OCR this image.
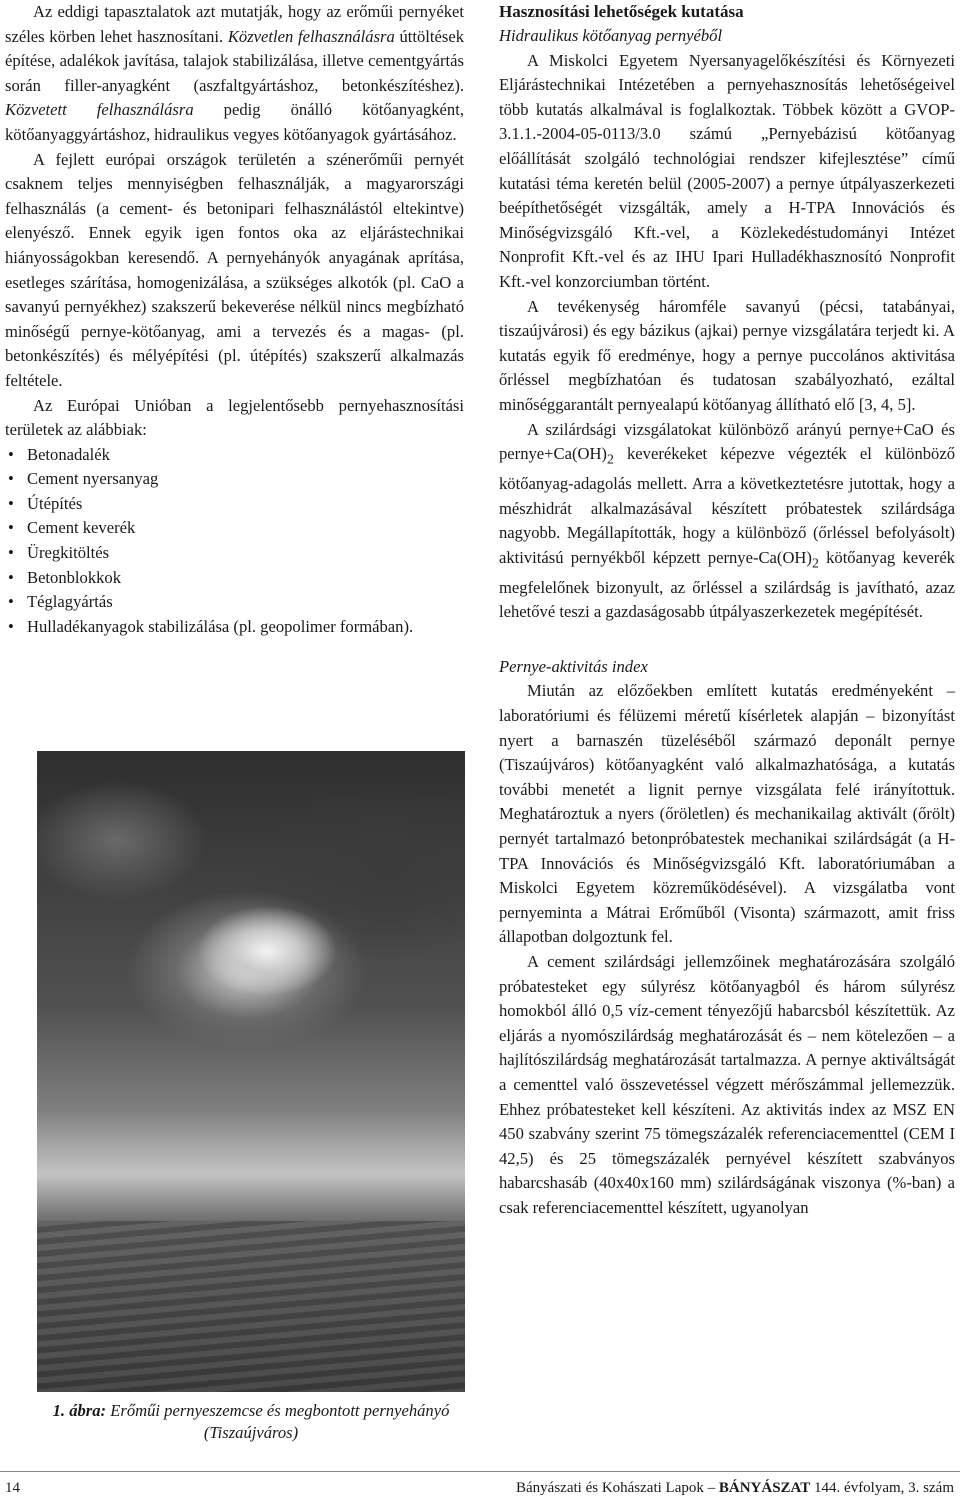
Az eddigi tapasztalatok azt mutatják, hogy az erőműi pernyéket széles körben lehet hasznosítani. Közvetlen felhasználásra úttöltések építése, adalékok javítása, talajok stabilizálása, illetve cementgyártás során filler-anyagként (aszfaltgyártáshoz, betonkészítéshez). Közvetett felhasználásra pedig önálló kötőanyagként, kötőanyaggyártáshoz, hidraulikus vegyes kötőanyagok gyártásához.

A fejlett európai országok területén a szénerőműi pernyét csaknem teljes mennyiségben felhasználják, a magyarországi felhasználás (a cement- és betonipari felhasználástól eltekintve) elenyésző. Ennek egyik igen fontos oka az eljárástechnikai hiányosságokban keresendő. A pernyehányók anyagának aprítása, esetleges szárítása, homogenizálása, a szükséges alkotók (pl. CaO a savanyú pernyékhez) szakszerű bekeverése nélkül nincs megbízható minőségű pernye-kötőanyag, ami a tervezés és a magas- (pl. betonkészítés) és mélyépítési (pl. útépítés) szakszerű alkalmazás feltétele.

Az Európai Unióban a legjelentősebb pernyehasznosítási területek az alábbiak:

• Betonadalék
• Cement nyersanyag
• Útépítés
• Cement keverék
• Üregkitöltés
• Betonblokkok
• Téglagyártás
• Hulladékanyagok stabilizálása (pl. geopolimer formában).
1. ábra: Erőműi pernyeszemcse és megbontott pernyehányó (Tiszaújváros)

Hasznosítási lehetőségek kutatása

Hidraulikus kötőanyag pernyéből

A Miskolci Egyetem Nyersanyagelőkészítési és Környezeti Eljárástechnikai Intézetében a pernyehasznosítás lehetőségeivel több kutatás alkalmával is foglalkoztak. Többek között a GVOP-3.1.1.-2004-05-0113/3.0 számú „Pernyebázisú kötőanyag előállítását szolgáló technológiai rendszer kifejlesztése” című kutatási téma keretén belül (2005-2007) a pernye útpályaszerkezeti beépíthetőségét vizsgálták, amely a H-TPA Innovációs és Minőségvizsgáló Kft.-vel, a Közlekedéstudományi Intézet Nonprofit Kft.-vel és az IHU Ipari Hulladékhasznosító Nonprofit Kft.-vel konzorciumban történt.

A tevékenység háromféle savanyú (pécsi, tatabányai, tiszaújvárosi) és egy bázikus (ajkai) pernye vizsgálatára terjedt ki. A kutatás egyik fő eredménye, hogy a pernye puccolános aktivitása őrléssel megbízhatóan és tudatosan szabályozható, ezáltal minőséggarantált pernyealapú kötőanyag állítható elő [3, 4, 5].

A szilárdsági vizsgálatokat különböző arányú pernye+CaO és $pernye+Ca(OH)_2$ keverékeket képezve végezték el különböző kötőanyag-adagolás mellett. Arra a következtetésre jutottak, hogy a mészhidrát alkalmazásával készített próbatestek szilárdsága nagyobb. Megállapították, hogy a különböző (őrléssel befolyásolt) aktivitású pernyékből képzett pernye-$Ca(OH)_2$ kötőanyag keverék megfelelőnek bizonyult, az őrléssel a szilárdság is javítható, azaz lehetővé teszi a gazdaságosabb útpályaszerkezetek megépítését.

Pernye-aktivitás index

Miután az előzőekben említett kutatás eredményeként – laboratóriumi és félüzemi méretű kísérletek alapján – bizonyítást nyert a barnaszén tüzeléséből származó deponált pernye (Tiszaújváros) kötőanyagként való alkalmazhatósága, a kutatás további menetét a lignit pernye vizsgálata felé irányítottuk. Meghatároztuk a nyers (őröletlen) és mechanikailag aktivált (őrölt) pernyét tartalmazó betonpróbatestek mechanikai szilárdságát (a H-TPA Innovációs és Minőségvizsgáló Kft. laboratóriumában a Miskolci Egyetem közreműködésével). A vizsgálatba vont pernyeminta a Mátrai Erőműből (Visonta) származott, amit friss állapotban dolgoztunk fel.

A cement szilárdsági jellemzőinek meghatározására szolgáló próbatesteket egy súlyrész kötőanyagból és három súlyrész homokból álló 0,5 víz-cement tényezőjű habarcsból készítettük. Az eljárás a nyomószilárdság meghatározását és – nem kötelezően – a hajlítószilárdság meghatározását tartalmazza. A pernye aktiváltságát a cementtel való összevetéssel végzett mérőszámmal jellemezzük. Ehhez próbatesteket kell készíteni. Az aktivitás index az MSZ EN 450 szabvány szerint 75 tömegszázalék referenciacementtel (CEM I 42,5) és 25 tömegszázalék pernyével készített szabványos habarcshasáb (40x40x160 mm) szilárdságának viszonya (%-ban) a csak referenciacementtel készített, ugyanolyan

14	Bányászati és Kohászati Lapok – BÁNYÁSZAT 144. évfolyam, 3. szám
